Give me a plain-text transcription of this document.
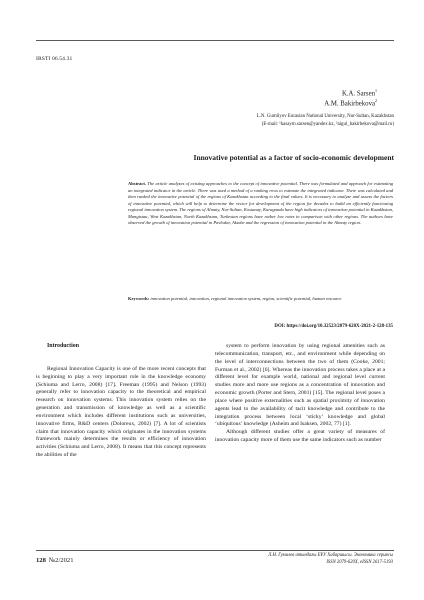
IRSTI 06.54.31
K.A. Sarsen$^1$
A.M. Bakirbekova$^2$
L.N. Gumilyov Eurasian National University, Nur-Sultan, Kazakhstan
(E-mail: ¹kasaym.sarsen@yandex.kz, ²aigul_bakirbekova@mail.ru)
Innovative potential as a factor of socio-economic development
Abstract. The article analyzes of existing approaches to the concept of innovative potential. There was formulated and approach for estimating an integrated indicator in the article. There was used a method of a ranking rows to estimate the integrated indicator. There was calculated and then ranked the innovative potential of the regions of Kazakhstan according to the final values. It is necessary to analyze and assess the factors of innovative potential, which will help to determine the vector for development of the region for decades to build an efficiently functioning regional innovation system. The regions of Almaty, Nur-Sultan, Kostanay, Karaganda have high indicators of innovation potential in Kazakhstan, Mangistau, West Kazakhstan, North Kazakhstan, Turkestan regions have rather low rates in comparison with other regions. The authors have observed the growth of innovation potential in Pavlodar, Aktobe and the regression of innovation potential in the Almaty region.
Keywords: innovation potential, innovation, regional innovation system, region, scientific potential, human resource
DOI: https://doi.org/10.32523/2079-620X-2021-2-128-135

Introduction

Regional Innovation Capacity is one of the more recent concepts that is beginning to play a very important role in the knowledge economy (Schiuma and Lerro, 2008) [17]. Freeman (1995) and Nelson (1993) generally refer to innovation capacity to the theoretical and empirical research on innovation systems. This innovation system relies on the generation and transmission of knowledge as well as a scientific environment which includes different institutions such as universities, innovative firms, R&D centers (Doloreux, 2002) [7]. A lot of scientists claim that innovation capacity which originates in the innovation systems framework mainly determines the results or efficiency of innovation activities (Schiuma and Lerro, 2008). It means that this concept represents the abilities of the

system to perform innovation by using regional amenities such as telecommunication, transport, etc., and environment while depending on the level of interconnections between the two of them (Cooke, 2001; Furman et al., 2002) [6]. Whereas the innovation process takes a place at a different level for example world, national and regional level current studies more and more use regions as a concentration of innovation and economic growth (Porter and Stern, 2001) [15]. The regional level poses a place where positive externalities such as spatial proximity of innovation agents lead to the availability of tacit knowledge and contribute to the integration process between local ‘sticky’ knowledge and global ‘ubiquitous’ knowledge (Asheim and Isaksen, 2002, 77) [1].

Although different studies offer a great variety of measures of innovation capacity more of them use the same indicators such as number

128 №2/2021
Л.Н. Гумилев атындағы ЕҰУ Хабаршысы. Экономика сериясы
ISSN 2079-620X, eISSN 2617-5193
